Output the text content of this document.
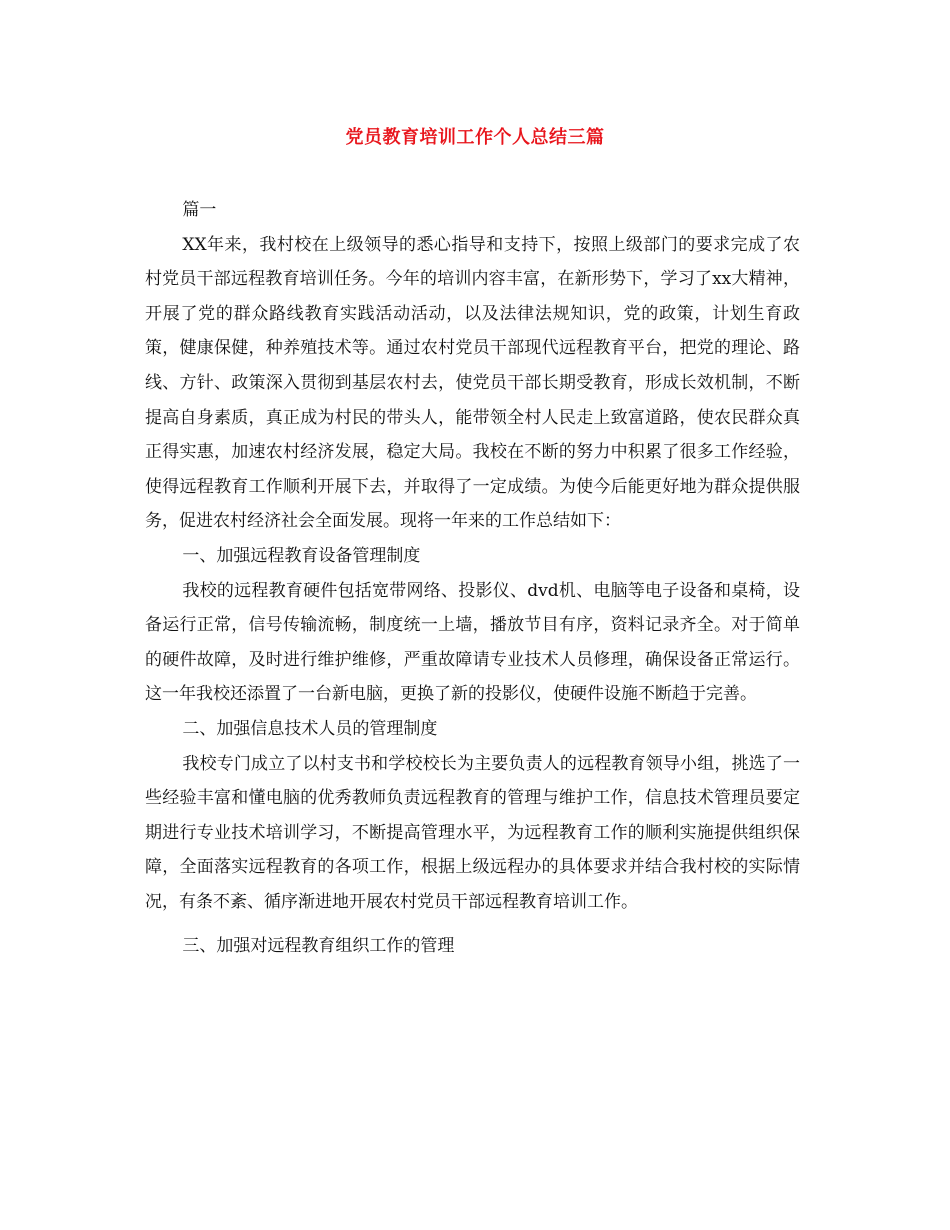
党员教育培训工作个人总结三篇

篇一

XX年来，我村校在上级领导的悉心指导和支持下，按照上级部门的要求完成了农村党员干部远程教育培训任务。今年的培训内容丰富，在新形势下，学习了xx大精神，开展了党的群众路线教育实践活动活动，以及法律法规知识，党的政策，计划生育政策，健康保健，种养殖技术等。通过农村党员干部现代远程教育平台，把党的理论、路线、方针、政策深入贯彻到基层农村去，使党员干部长期受教育，形成长效机制，不断提高自身素质，真正成为村民的带头人，能带领全村人民走上致富道路，使农民群众真正得实惠，加速农村经济发展，稳定大局。我校在不断的努力中积累了很多工作经验，使得远程教育工作顺利开展下去，并取得了一定成绩。为使今后能更好地为群众提供服务，促进农村经济社会全面发展。现将一年来的工作总结如下：

一、加强远程教育设备管理制度

我校的远程教育硬件包括宽带网络、投影仪、dvd机、电脑等电子设备和桌椅，设备运行正常，信号传输流畅，制度统一上墙，播放节目有序，资料记录齐全。对于简单的硬件故障，及时进行维护维修，严重故障请专业技术人员修理，确保设备正常运行。这一年我校还添置了一台新电脑，更换了新的投影仪，使硬件设施不断趋于完善。

二、加强信息技术人员的管理制度

我校专门成立了以村支书和学校校长为主要负责人的远程教育领导小组，挑选了一些经验丰富和懂电脑的优秀教师负责远程教育的管理与维护工作，信息技术管理员要定期进行专业技术培训学习，不断提高管理水平，为远程教育工作的顺利实施提供组织保障，全面落实远程教育的各项工作，根据上级远程办的具体要求并结合我村校的实际情况，有条不紊、循序渐进地开展农村党员干部远程教育培训工作。

三、加强对远程教育组织工作的管理
